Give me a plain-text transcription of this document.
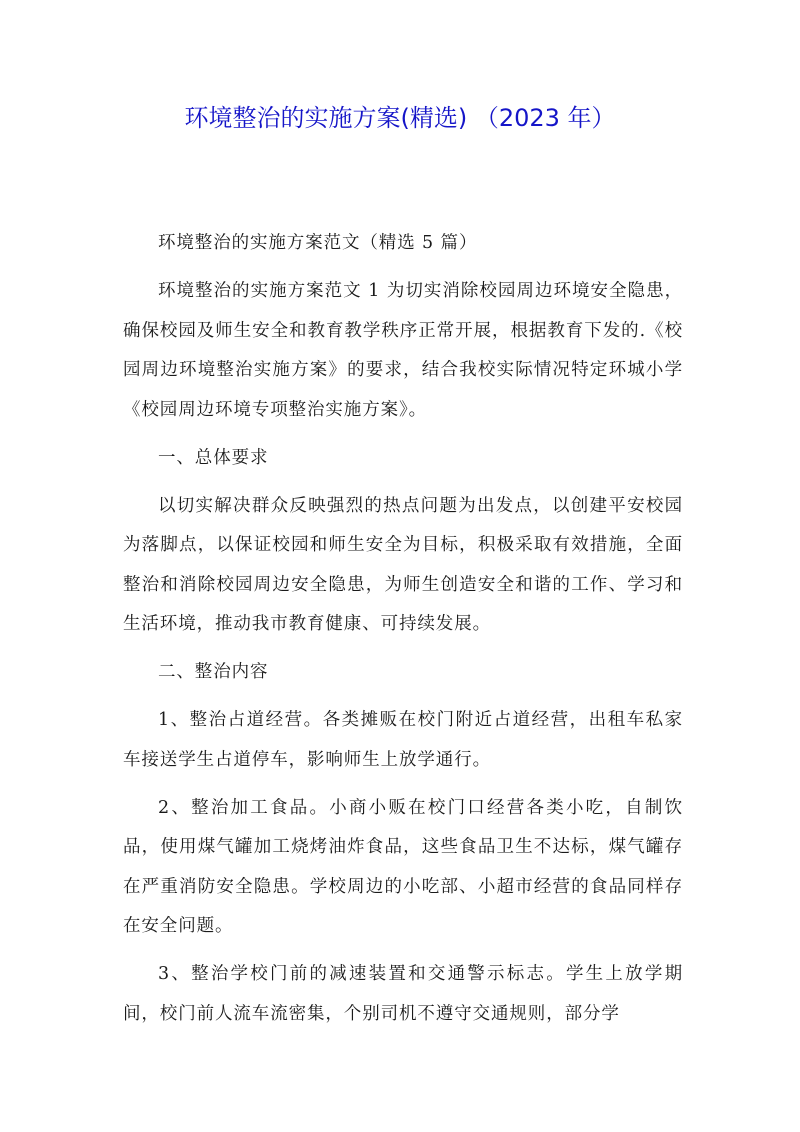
环境整治的实施方案(精选) （2023 年）

环境整治的实施方案范文（精选 5 篇）

环境整治的实施方案范文 1 为切实消除校园周边环境安全隐患，确保校园及师生安全和教育教学秩序正常开展，根据教育下发的.《校园周边环境整治实施方案》的要求，结合我校实际情况特定环城小学《校园周边环境专项整治实施方案》。

一、总体要求

以切实解决群众反映强烈的热点问题为出发点，以创建平安校园为落脚点，以保证校园和师生安全为目标，积极采取有效措施，全面整治和消除校园周边安全隐患，为师生创造安全和谐的工作、学习和生活环境，推动我市教育健康、可持续发展。

二、整治内容

1、整治占道经营。各类摊贩在校门附近占道经营，出租车私家车接送学生占道停车，影响师生上放学通行。

2、整治加工食品。小商小贩在校门口经营各类小吃，自制饮品，使用煤气罐加工烧烤油炸食品，这些食品卫生不达标，煤气罐存在严重消防安全隐患。学校周边的小吃部、小超市经营的食品同样存在安全问题。

3、整治学校门前的减速装置和交通警示标志。学生上放学期间，校门前人流车流密集，个别司机不遵守交通规则，部分学
